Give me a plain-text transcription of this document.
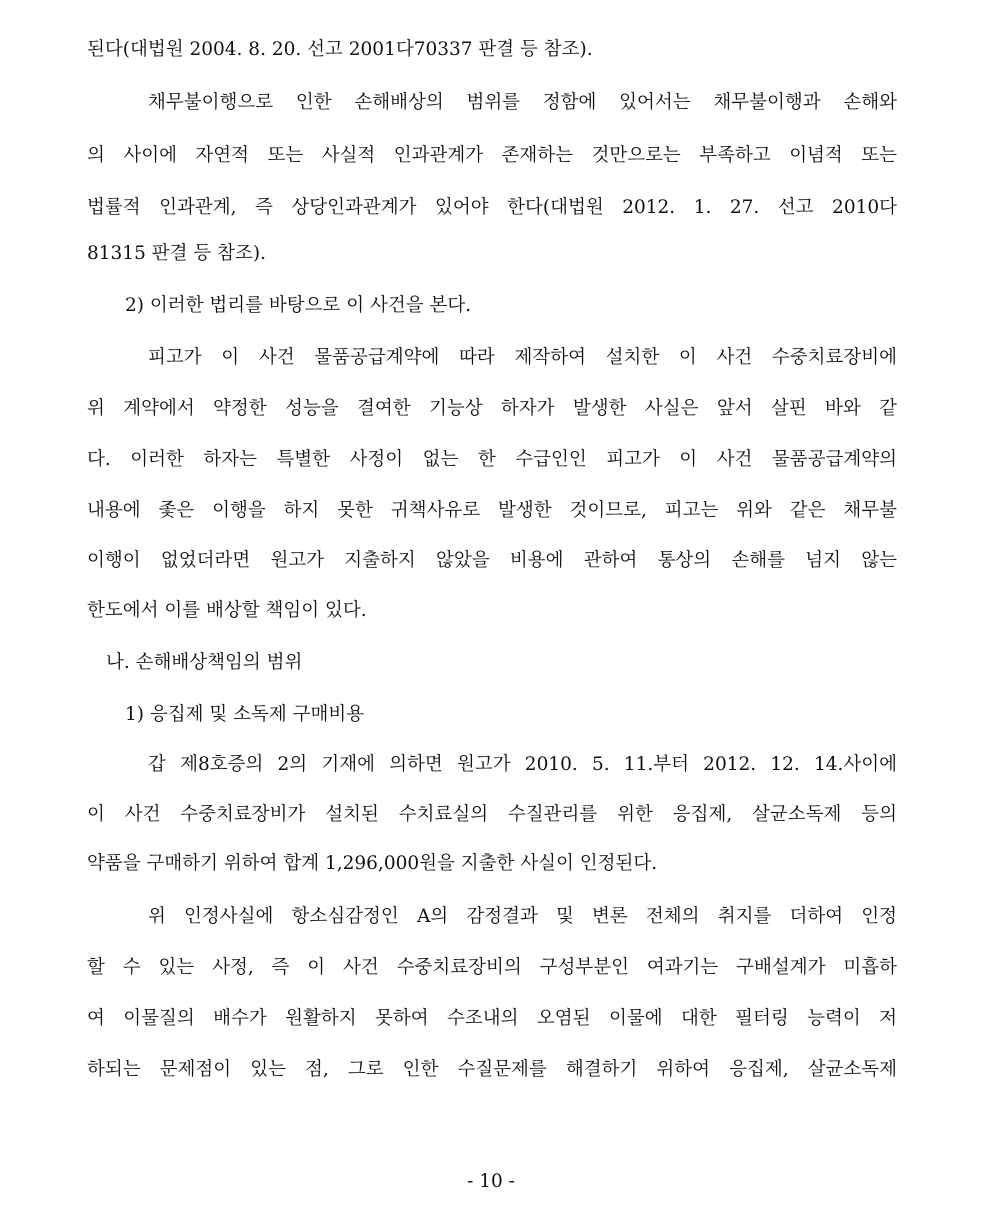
된다(대법원 2004. 8. 20. 선고 2001다70337 판결 등 참조).
채무불이행으로 인한 손해배상의 범위를 정함에 있어서는 채무불이행과 손해와
의 사이에 자연적 또는 사실적 인과관계가 존재하는 것만으로는 부족하고 이념적 또는
법률적 인과관계, 즉 상당인과관계가 있어야 한다(대법원 2012. 1. 27. 선고 2010다
81315 판결 등 참조).
2) 이러한 법리를 바탕으로 이 사건을 본다.
피고가 이 사건 물품공급계약에 따라 제작하여 설치한 이 사건 수중치료장비에
위 계약에서 약정한 성능을 결여한 기능상 하자가 발생한 사실은 앞서 살핀 바와 같
다. 이러한 하자는 특별한 사정이 없는 한 수급인인 피고가 이 사건 물품공급계약의
내용에 좇은 이행을 하지 못한 귀책사유로 발생한 것이므로, 피고는 위와 같은 채무불
이행이 없었더라면 원고가 지출하지 않았을 비용에 관하여 통상의 손해를 넘지 않는
한도에서 이를 배상할 책임이 있다.
나. 손해배상책임의 범위
1) 응집제 및 소독제 구매비용
갑 제8호증의 2의 기재에 의하면 원고가 2010. 5. 11.부터 2012. 12. 14.사이에
이 사건 수중치료장비가 설치된 수치료실의 수질관리를 위한 응집제, 살균소독제 등의
약품을 구매하기 위하여 합계 1,296,000원을 지출한 사실이 인정된다.
위 인정사실에 항소심감정인 A의 감정결과 및 변론 전체의 취지를 더하여 인정
할 수 있는 사정, 즉 이 사건 수중치료장비의 구성부분인 여과기는 구배설계가 미흡하
여 이물질의 배수가 원활하지 못하여 수조내의 오염된 이물에 대한 필터링 능력이 저
하되는 문제점이 있는 점, 그로 인한 수질문제를 해결하기 위하여 응집제, 살균소독제
- 10 -
